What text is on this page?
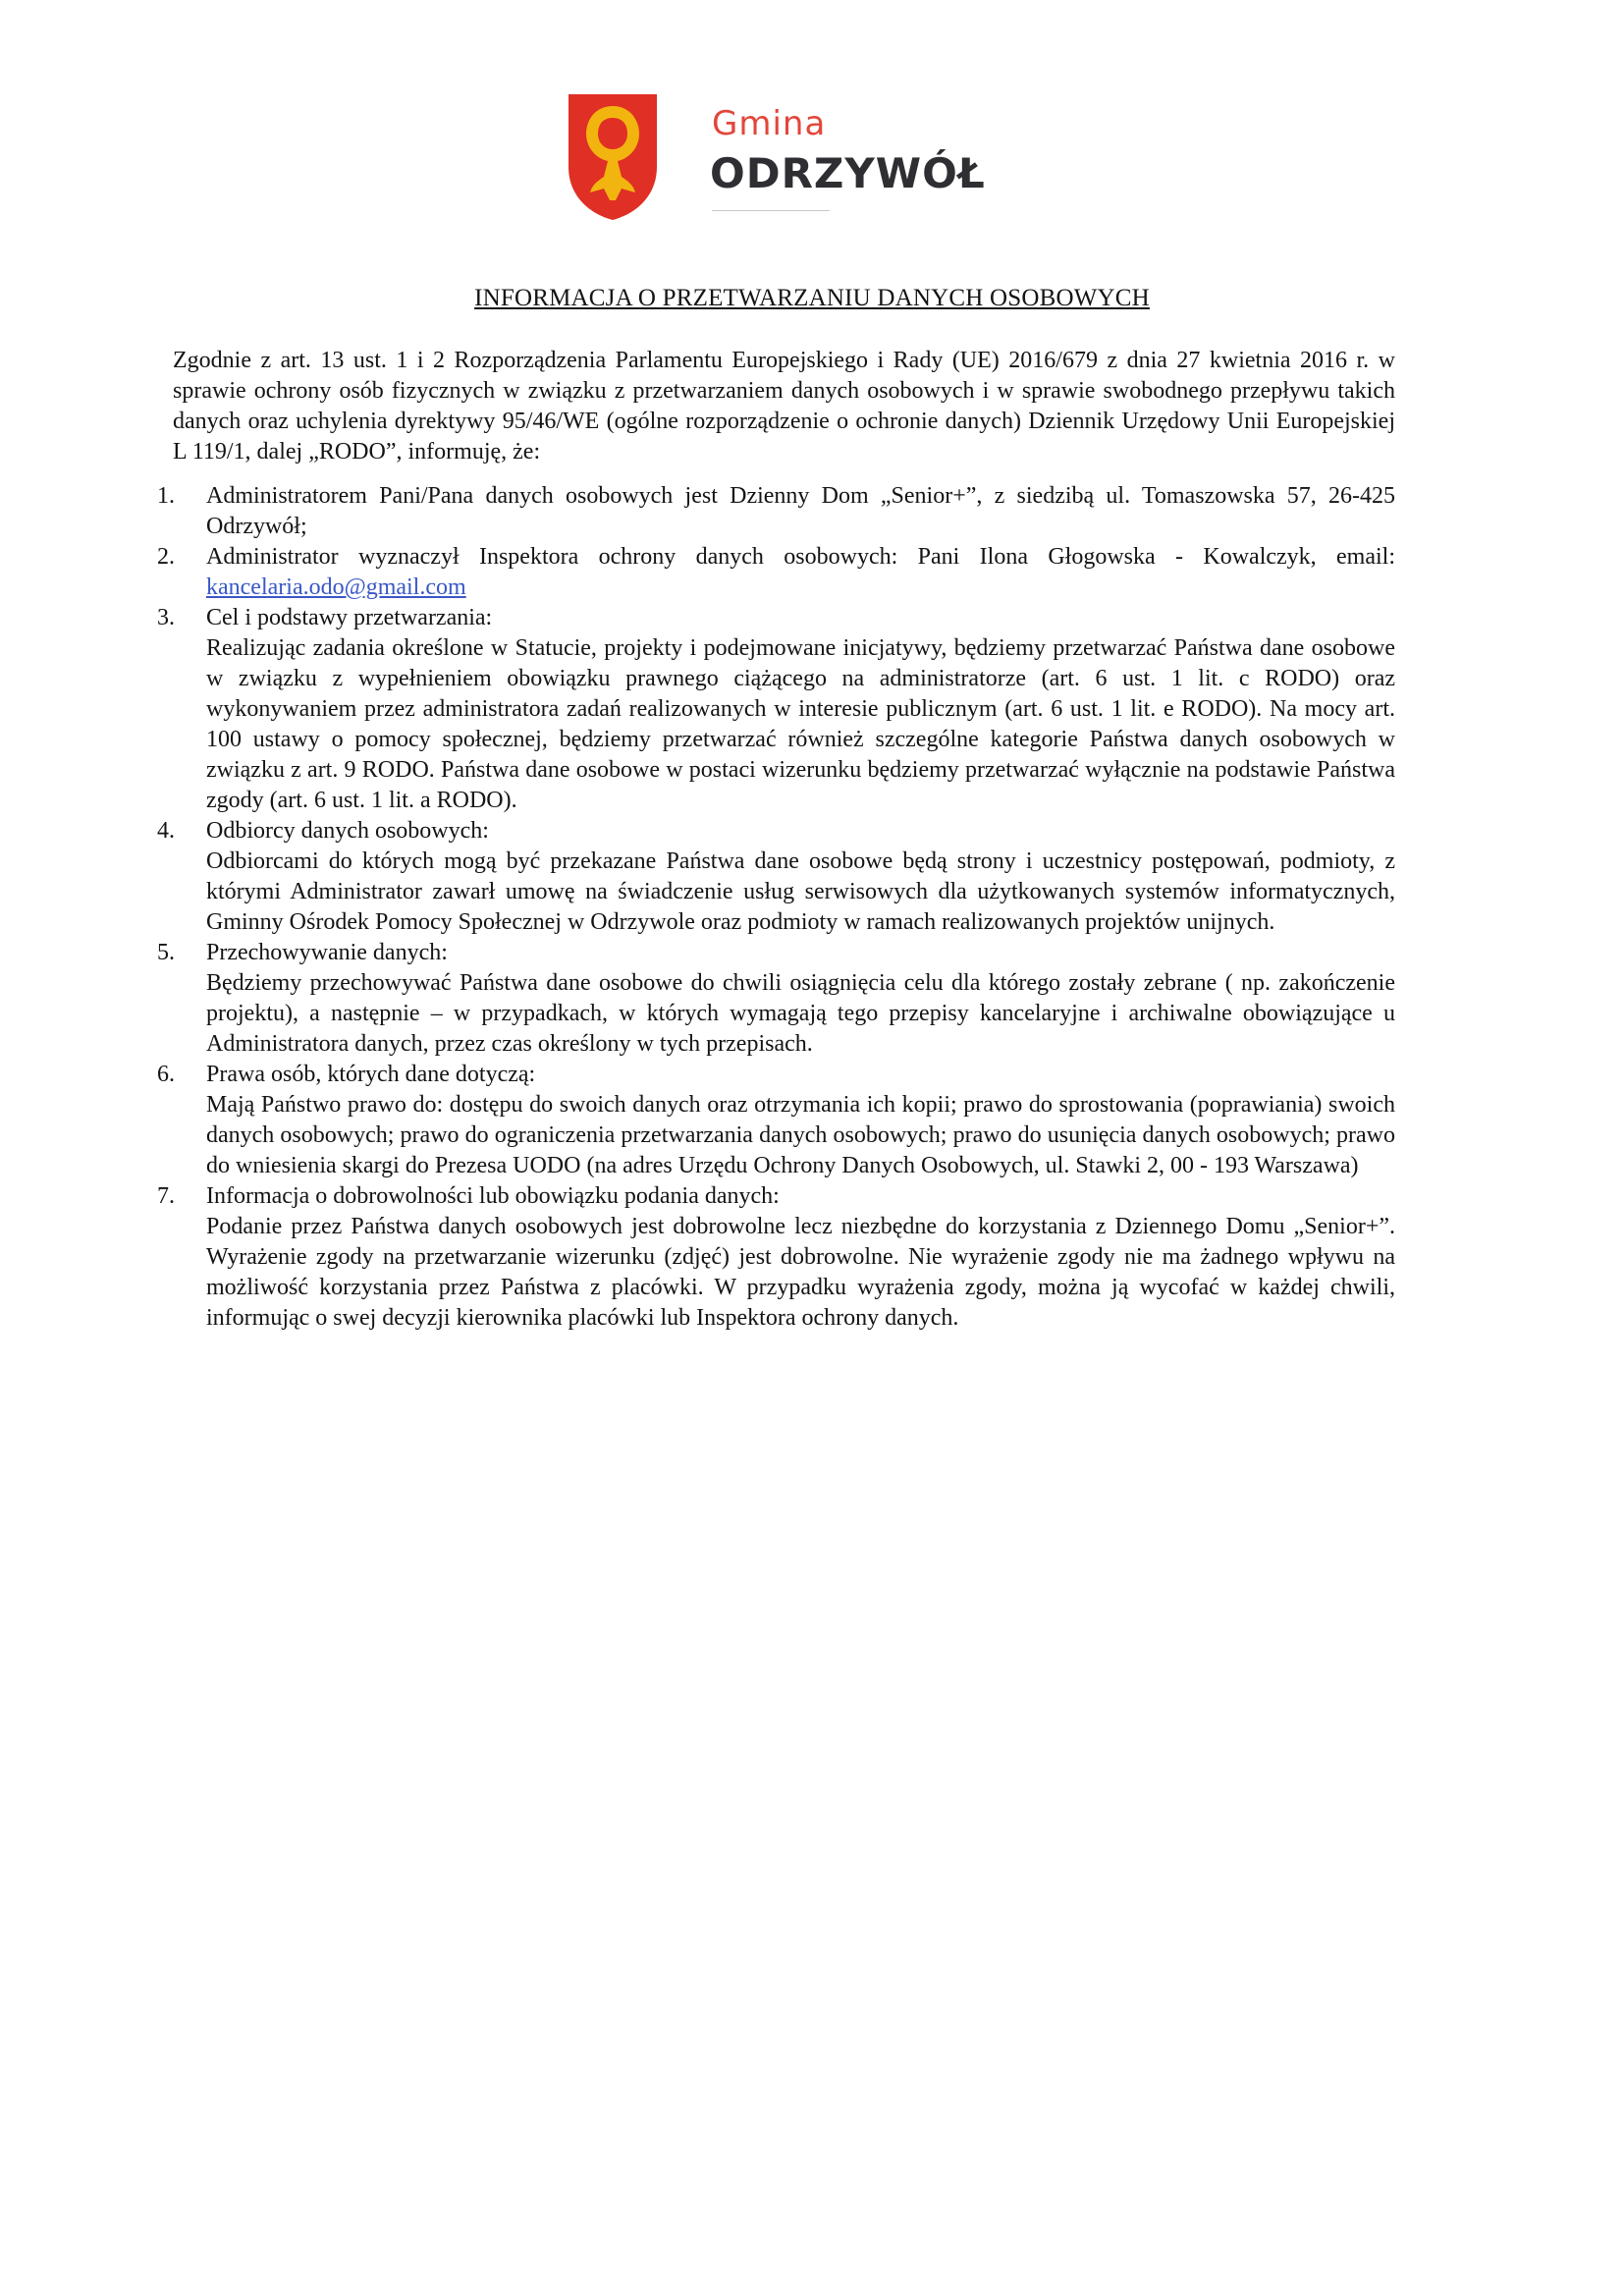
Gmina
ODRZYWÓŁ
INFORMACJA O PRZETWARZANIU DANYCH OSOBOWYCH

Zgodnie z art. 13 ust. 1 i 2 Rozporządzenia Parlamentu Europejskiego i Rady (UE) 2016/679 z dnia 27 kwietnia 2016 r. w sprawie ochrony osób fizycznych w związku z przetwarzaniem danych osobowych i w sprawie swobodnego przepływu takich danych oraz uchylenia dyrektywy 95/46/WE (ogólne rozporządzenie o ochronie danych) Dziennik Urzędowy Unii Europejskiej L 119/1, dalej „RODO”, informuję, że:

1.	Administratorem Pani/Pana danych osobowych jest Dzienny Dom „Senior+”, z siedzibą ul. Tomaszowska 57, 26-425 Odrzywół;
2.	Administrator wyznaczył Inspektora ochrony danych osobowych: Pani Ilona Głogowska - Kowalczyk, email: kancelaria.odo@gmail.com
3.	Cel i podstawy przetwarzania:
Realizując zadania określone w Statucie, projekty i podejmowane inicjatywy, będziemy przetwarzać Państwa dane osobowe w związku z wypełnieniem obowiązku prawnego ciążącego na administratorze (art. 6 ust. 1 lit. c RODO) oraz wykonywaniem przez administratora zadań realizowanych w interesie publicznym (art. 6 ust. 1 lit. e RODO). Na mocy art. 100 ustawy o pomocy społecznej, będziemy przetwarzać również szczególne kategorie Państwa danych osobowych w związku z art. 9 RODO. Państwa dane osobowe w postaci wizerunku będziemy przetwarzać wyłącznie na podstawie Państwa zgody (art. 6 ust. 1 lit. a RODO).
4.	Odbiorcy danych osobowych:
Odbiorcami do których mogą być przekazane Państwa dane osobowe będą strony i uczestnicy postępowań, podmioty, z którymi Administrator zawarł umowę na świadczenie usług serwisowych dla użytkowanych systemów informatycznych, Gminny Ośrodek Pomocy Społecznej w Odrzywole oraz podmioty w ramach realizowanych projektów unijnych.
5.	Przechowywanie danych:
Będziemy przechowywać Państwa dane osobowe do chwili osiągnięcia celu dla którego zostały zebrane ( np. zakończenie projektu), a następnie – w przypadkach, w których wymagają tego przepisy kancelaryjne i archiwalne obowiązujące u Administratora danych, przez czas określony w tych przepisach.
6.	Prawa osób, których dane dotyczą:
Mają Państwo prawo do: dostępu do swoich danych oraz otrzymania ich kopii; prawo do sprostowania (poprawiania) swoich danych osobowych; prawo do ograniczenia przetwarzania danych osobowych; prawo do usunięcia danych osobowych; prawo do wniesienia skargi do Prezesa UODO (na adres Urzędu Ochrony Danych Osobowych, ul. Stawki 2, 00 - 193 Warszawa)
7.	Informacja o dobrowolności lub obowiązku podania danych:
Podanie przez Państwa danych osobowych jest dobrowolne lecz niezbędne do korzystania z Dziennego Domu „Senior+”. Wyrażenie zgody na przetwarzanie wizerunku (zdjęć) jest dobrowolne. Nie wyrażenie zgody nie ma żadnego wpływu na możliwość korzystania przez Państwa z placówki. W przypadku wyrażenia zgody, można ją wycofać w każdej chwili, informując o swej decyzji kierownika placówki lub Inspektora ochrony danych.
